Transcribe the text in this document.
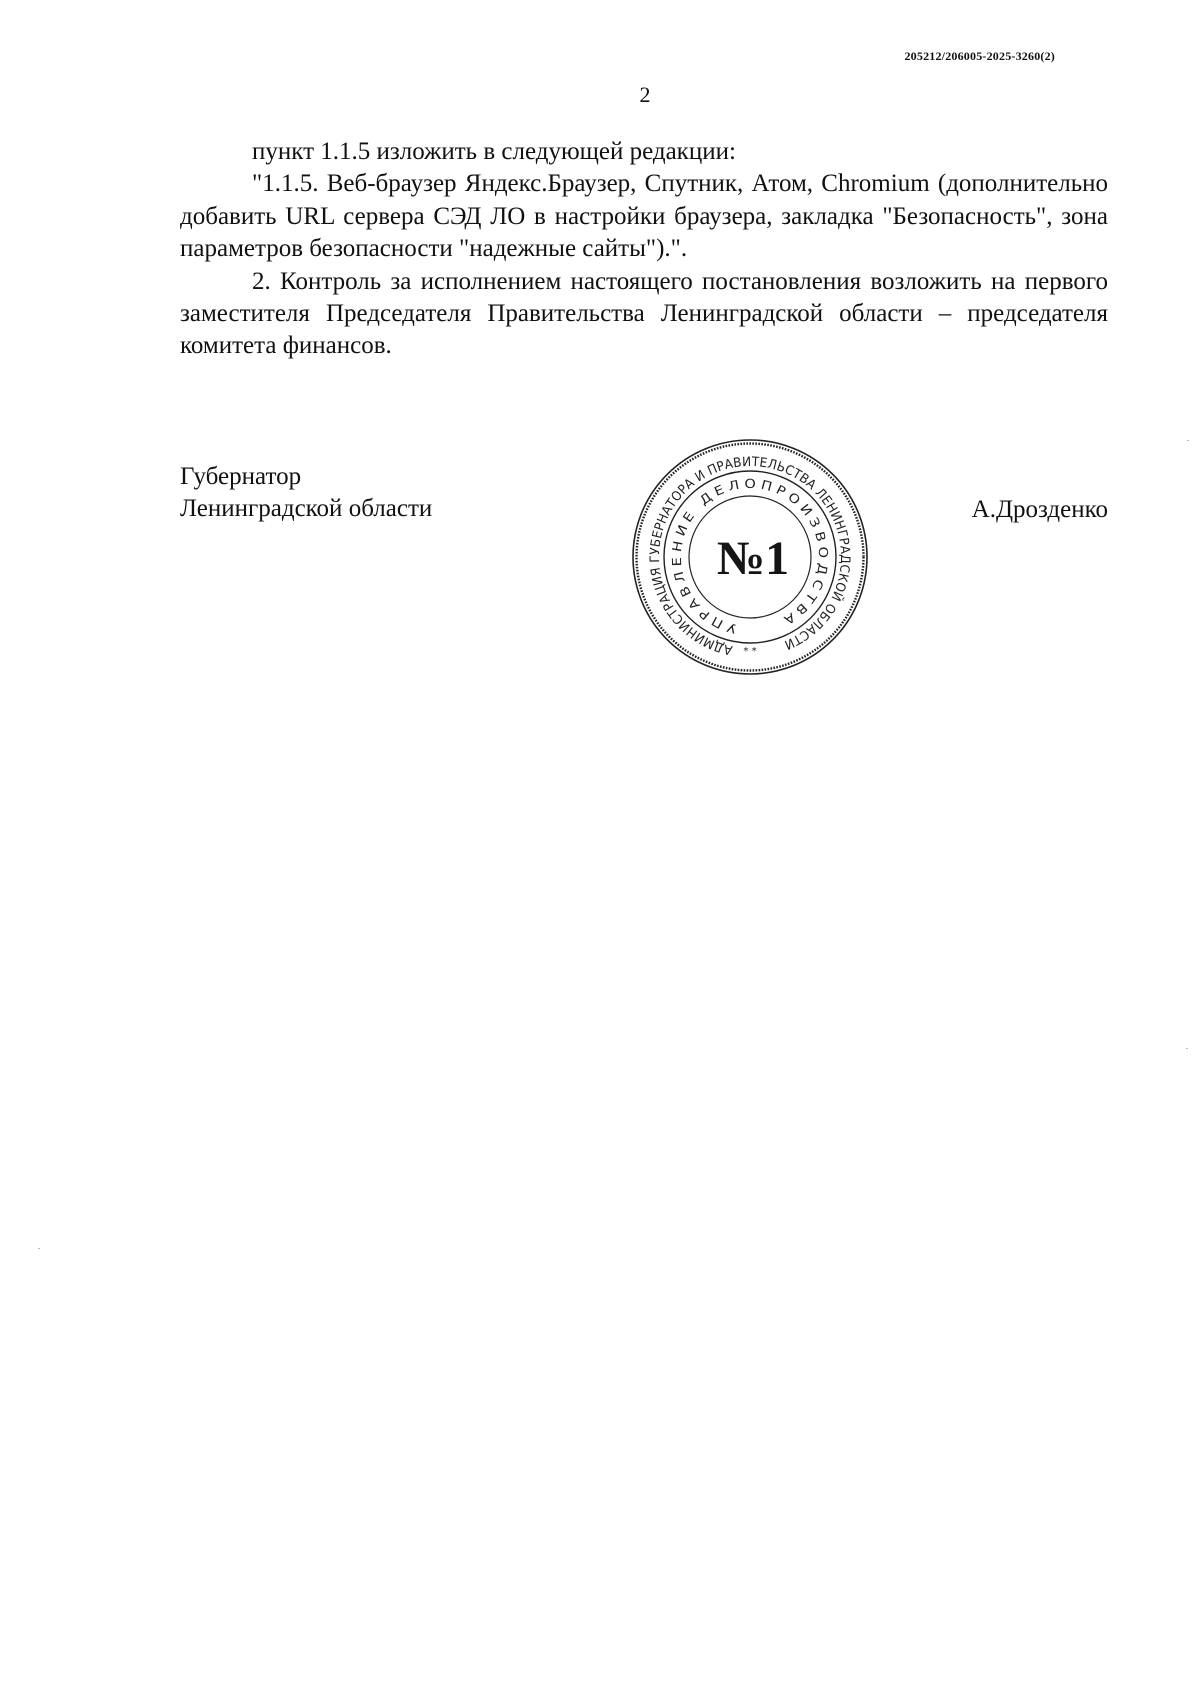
205212/206005-2025-3260(2)
2

пункт 1.1.5 изложить в следующей редакции:

"1.1.5. Веб-браузер Яндекс.Браузер, Спутник, Атом, Chromium (дополнительно добавить URL сервера СЭД ЛО в настройки браузера, закладка "Безопасность", зона параметров безопасности "надежные сайты").".

2. Контроль за исполнением настоящего постановления возложить на первого заместителя Председателя Правительства Ленинградской области – председателя комитета финансов.

Губернатор
Ленинградской области	А.Дрозденко
АДМИНИСТРАЦИЯ ГУБЕРНАТОРА И ПРАВИТЕЛЬСТВА ЛЕНИНГРАДСКОЙ ОБЛАСТИ
УПРАВЛЕНИЕ ДЕЛОПРОИЗВОДСТВА
№1
* *
